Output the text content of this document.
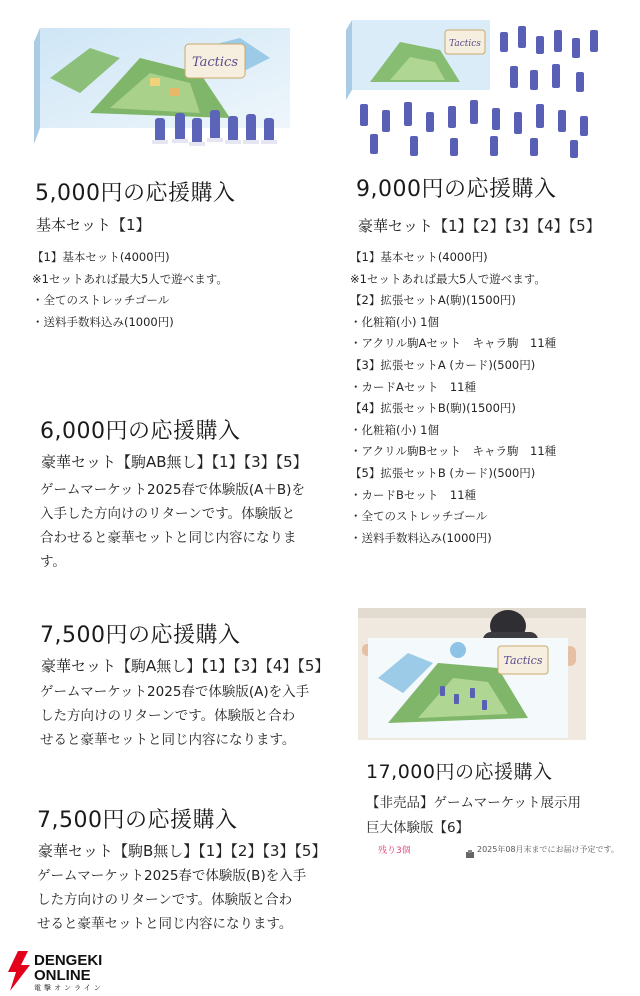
Tactics
Tactics
5,000円の応援購入
基本セット【1】
【1】基本セット(4000円)
※1セットあれば最大5人で遊べます。
・全てのストレッチゴール
・送料手数料込み(1000円)
9,000円の応援購入
豪華セット【1】【2】【3】【4】【5】
【1】基本セット(4000円)
※1セットあれば最大5人で遊べます。
【2】拡張セットA(駒)(1500円)
・化粧箱(小) 1個
・アクリル駒Aセット　キャラ駒　11種
【3】拡張セットA (カード)(500円)
・カードAセット　11種
【4】拡張セットB(駒)(1500円)
・化粧箱(小) 1個
・アクリル駒Bセット　キャラ駒　11種
【5】拡張セットB (カード)(500円)
・カードBセット　11種
・全てのストレッチゴール
・送料手数料込み(1000円)
6,000円の応援購入
豪華セット【駒AB無し】【1】【3】【5】
ゲームマーケット2025春で体験版(A＋B)を
入手した方向けのリターンです。体験版と
合わせると豪華セットと同じ内容になりま
す。
7,500円の応援購入
豪華セット【駒A無し】【1】【3】【4】【5】
ゲームマーケット2025春で体験版(A)を入手
した方向けのリターンです。体験版と合わ
せると豪華セットと同じ内容になります。
7,500円の応援購入
豪華セット【駒B無し】【1】【2】【3】【5】
ゲームマーケット2025春で体験版(B)を入手
した方向けのリターンです。体験版と合わ
せると豪華セットと同じ内容になります。
Tactics
17,000円の応援購入
【非売品】ゲームマーケット展示用
巨大体験版【6】
残り3個	2025年08月末までにお届け予定です。
DENGEKI
ONLINE
電撃オンライン
